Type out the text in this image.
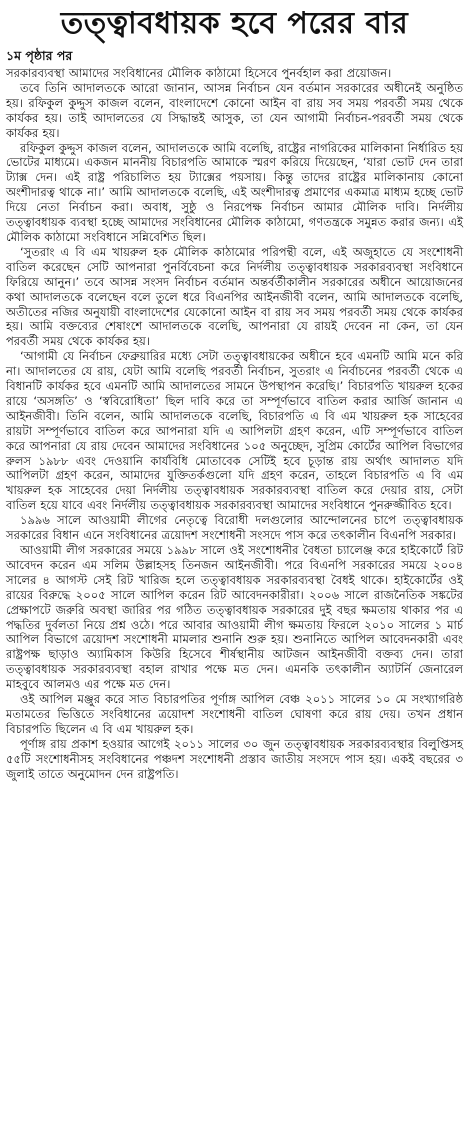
তত্ত্বাবধায়ক হবে পরের বার
১ম পৃষ্ঠার পর

সরকারব্যবস্থা আমাদের সংবিধানের মৌলিক কাঠামো হিসেবে পুনর্বহাল করা প্রয়োজন।

তবে তিনি আদালতকে আরো জানান, আসন্ন নির্বাচন যেন বর্তমান সরকারের অধীনেই অনুষ্ঠিত হয়। রফিকুল কুদ্দুস কাজল বলেন, বাংলাদেশে কোনো আইন বা রায় সব সময় পরবর্তী সময় থেকে কার্যকর হয়। তাই আদালতের যে সিদ্ধান্তই আসুক, তা যেন আগামী নির্বাচন-পরবর্তী সময় থেকে কার্যকর হয়।

রফিকুল কুদ্দুস কাজল বলেন, আদালতকে আমি বলেছি, রাষ্ট্রের নাগরিকের মালিকানা নির্ধারিত হয় ভোটের মাধ্যমে। একজন মাননীয় বিচারপতি আমাকে স্মরণ করিয়ে দিয়েছেন, ‘যারা ভোট দেন তারা ট্যাক্স দেন। এই রাষ্ট্র পরিচালিত হয় ট্যাক্সের পয়সায়। কিন্তু তাদের রাষ্ট্রের মালিকানায় কোনো অংশীদারত্ব থাকে না।’ আমি আদালতকে বলেছি, এই অংশীদারত্ব প্রমাণের একমাত্র মাধ্যম হচ্ছে ভোট দিয়ে নেতা নির্বাচন করা। অবাধ, সুষ্ঠু ও নিরপেক্ষ নির্বাচন আমার মৌলিক দাবি। নির্দলীয় তত্ত্বাবধায়ক ব্যবস্থা হচ্ছে আমাদের সংবিধানের মৌলিক কাঠামো, গণতন্ত্রকে সমুন্নত করার জন্য। এই মৌলিক কাঠামো সংবিধানে সন্নিবেশিত ছিল।

‘সুতরাং এ বি এম খায়রুল হক মৌলিক কাঠামোর পরিপন্থী বলে, এই অজুহাতে যে সংশোধনী বাতিল করেছেন সেটি আপনারা পুনর্বিবেচনা করে নির্দলীয় তত্ত্বাবধায়ক সরকারব্যবস্থা সংবিধানে ফিরিয়ে আনুন।’ তবে আসন্ন সংসদ নির্বাচন বর্তমান অন্তর্বর্তীকালীন সরকারের অধীনে আয়োজনের কথা আদালতকে বলেছেন বলে তুলে ধরে বিএনপির আইনজীবী বলেন, আমি আদালতকে বলেছি, অতীতের নজির অনুযায়ী বাংলাদেশের যেকোনো আইন বা রায় সব সময় পরবর্তী সময় থেকে কার্যকর হয়। আমি বক্তব্যের শেষাংশে আদালতকে বলেছি, আপনারা যে রায়ই দেবেন না কেন, তা যেন পরবর্তী সময় থেকে কার্যকর হয়।

‘আগামী যে নির্বাচন ফেব্রুয়ারির মধ্যে সেটা তত্ত্বাবধায়কের অধীনে হবে এমনটি আমি মনে করি না। আদালতের যে রায়, যেটা আমি বলেছি পরবর্তী নির্বাচন, সুতরাং এ নির্বাচনের পরবর্তী থেকে এ বিধানটি কার্যকর হবে এমনটি আমি আদালতের সামনে উপস্থাপন করেছি।’ বিচারপতি খায়রুল হকের রায়ে ‘অসঙ্গতি’ ও ‘স্ববিরোধিতা’ ছিল দাবি করে তা সম্পূর্ণভাবে বাতিল করার আর্জি জানান এ আইনজীবী। তিনি বলেন, আমি আদালতকে বলেছি, বিচারপতি এ বি এম খায়রুল হক সাহেবের রায়টা সম্পূর্ণভাবে বাতিল করে আপনারা যদি এ আপিলটা গ্রহণ করেন, এটি সম্পূর্ণভাবে বাতিল করে আপনারা যে রায় দেবেন আমাদের সংবিধানের ১০৫ অনুচ্ছেদ, সুপ্রিম কোর্টের আপিল বিভাগের রুলস ১৯৮৮ এবং দেওয়ানি কার্যবিধি মোতাবেক সেটিই হবে চূড়ান্ত রায় অর্থাৎ আদালত যদি আপিলটা গ্রহণ করেন, আমাদের যুক্তিতর্কগুলো যদি গ্রহণ করেন, তাহলে বিচারপতি এ বি এম খায়রুল হক সাহেবের দেয়া নির্দলীয় তত্ত্বাবধায়ক সরকারব্যবস্থা বাতিল করে দেয়ার রায়, সেটা বাতিল হয়ে যাবে এবং নির্দলীয় তত্ত্বাবধায়ক সরকারব্যবস্থা আমাদের সংবিধানে পুনরুজ্জীবিত হবে।

১৯৯৬ সালে আওয়ামী লীগের নেতৃত্বে বিরোধী দলগুলোর আন্দোলনের চাপে তত্ত্বাবধায়ক সরকারের বিধান এনে সংবিধানের ত্রয়োদশ সংশোধনী সংসদে পাস করে তৎকালীন বিএনপি সরকার।

আওয়ামী লীগ সরকারের সময়ে ১৯৯৮ সালে ওই সংশোধনীর বৈধতা চ্যালেঞ্জ করে হাইকোর্টে রিট আবেদন করেন এম সলিম উল্লাহসহ তিনজন আইনজীবী। পরে বিএনপি সরকারের সময়ে ২০০৪ সালের ৪ আগস্ট সেই রিট খারিজ হলে তত্ত্বাবধায়ক সরকারব্যবস্থা বৈধই থাকে। হাইকোর্টের ওই রায়ের বিরুদ্ধে ২০০৫ সালে আপিল করেন রিট আবেদনকারীরা। ২০০৬ সালে রাজনৈতিক সঙ্কটের প্রেক্ষাপটে জরুরি অবস্থা জারির পর গঠিত তত্ত্বাবধায়ক সরকারের দুই বছর ক্ষমতায় থাকার পর এ পদ্ধতির দুর্বলতা নিয়ে প্রশ্ন ওঠে। পরে আবার আওয়ামী লীগ ক্ষমতায় ফিরলে ২০১০ সালের ১ মার্চ আপিল বিভাগে ত্রয়োদশ সংশোধনী মামলার শুনানি শুরু হয়। শুনানিতে আপিল আবেদনকারী এবং রাষ্ট্রপক্ষ ছাড়াও অ্যামিকাস কিউরি হিসেবে শীর্ষস্থানীয় আটজন আইনজীবী বক্তব্য দেন। তারা তত্ত্বাবধায়ক সরকারব্যবস্থা বহাল রাখার পক্ষে মত দেন। এমনকি তৎকালীন অ্যাটর্নি জেনারেল মাহবুবে আলমও এর পক্ষে মত দেন।

ওই আপিল মঞ্জুর করে সাত বিচারপতির পূর্ণাঙ্গ আপিল বেঞ্চ ২০১১ সালের ১০ মে সংখ্যাগরিষ্ঠ মতামতের ভিত্তিতে সংবিধানের ত্রয়োদশ সংশোধনী বাতিল ঘোষণা করে রায় দেয়। তখন প্রধান বিচারপতি ছিলেন এ বি এম খায়রুল হক।

পূর্ণাঙ্গ রায় প্রকাশ হওয়ার আগেই ২০১১ সালের ৩০ জুন তত্ত্বাবধায়ক সরকারব্যবস্থার বিলুপ্তিসহ ৫৫টি সংশোধনীসহ সংবিধানের পঞ্চদশ সংশোধনী প্রস্তাব জাতীয় সংসদে পাস হয়। একই বছরের ৩ জুলাই তাতে অনুমোদন দেন রাষ্ট্রপতি।
